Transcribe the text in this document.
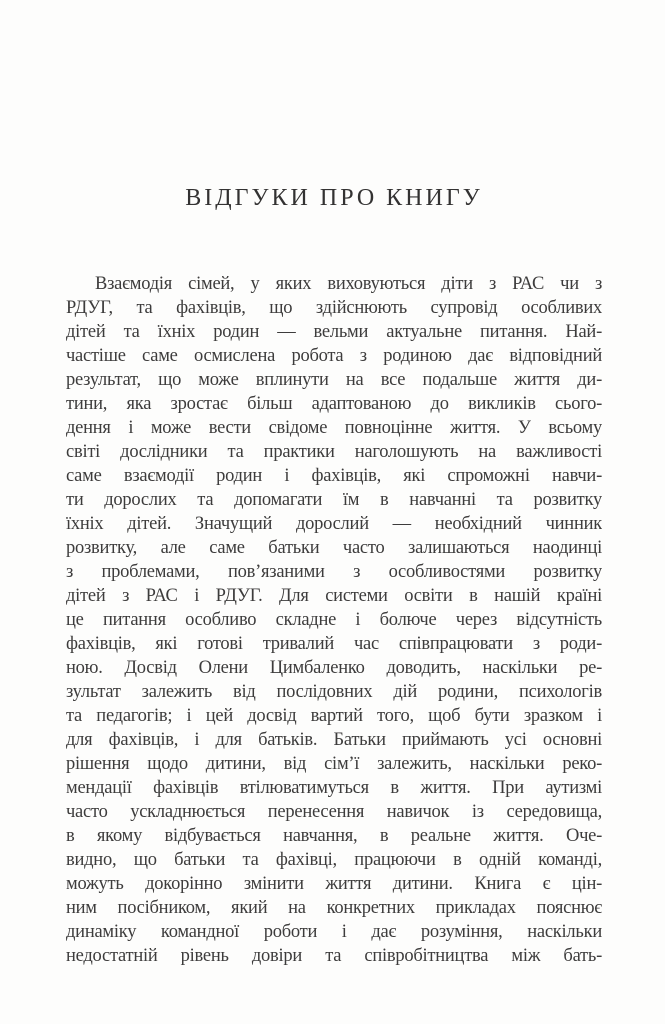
ВІДГУКИ ПРО КНИГУ
Взаємодія сімей, у яких виховуються діти з РАС чи з
РДУГ, та фахівців, що здійснюють супровід особливих
дітей та їхніх родин — вельми актуальне питання. Най-
частіше саме осмислена робота з родиною дає відповідний
результат, що може вплинути на все подальше життя ди-
тини, яка зростає більш адаптованою до викликів сього-
дення і може вести свідоме повноцінне життя. У всьому
світі дослідники та практики наголошують на важливості
саме взаємодії родин і фахівців, які спроможні навчи-
ти дорослих та допомагати їм в навчанні та розвитку
їхніх дітей. Значущий дорослий — необхідний чинник
розвитку, але саме батьки часто залишаються наодинці
з проблемами, пов’язаними з особливостями розвитку
дітей з РАС і РДУГ. Для системи освіти в нашій країні
це питання особливо складне і болюче через відсутність
фахівців, які готові тривалий час співпрацювати з роди-
ною. Досвід Олени Цимбаленко доводить, наскільки ре-
зультат залежить від послідовних дій родини, психологів
та педагогів; і цей досвід вартий того, щоб бути зразком і
для фахівців, і для батьків. Батьки приймають усі основні
рішення щодо дитини, від сім’ї залежить, наскільки реко-
мендації фахівців втілюватимуться в життя. При аутизмі
часто ускладнюється перенесення навичок із середовища,
в якому відбувається навчання, в реальне життя. Оче-
видно, що батьки та фахівці, працюючи в одній команді,
можуть докорінно змінити життя дитини. Книга є цін-
ним посібником, який на конкретних прикладах пояснює
динаміку командної роботи і дає розуміння, наскільки
недостатній рівень довіри та співробітництва між бать-
